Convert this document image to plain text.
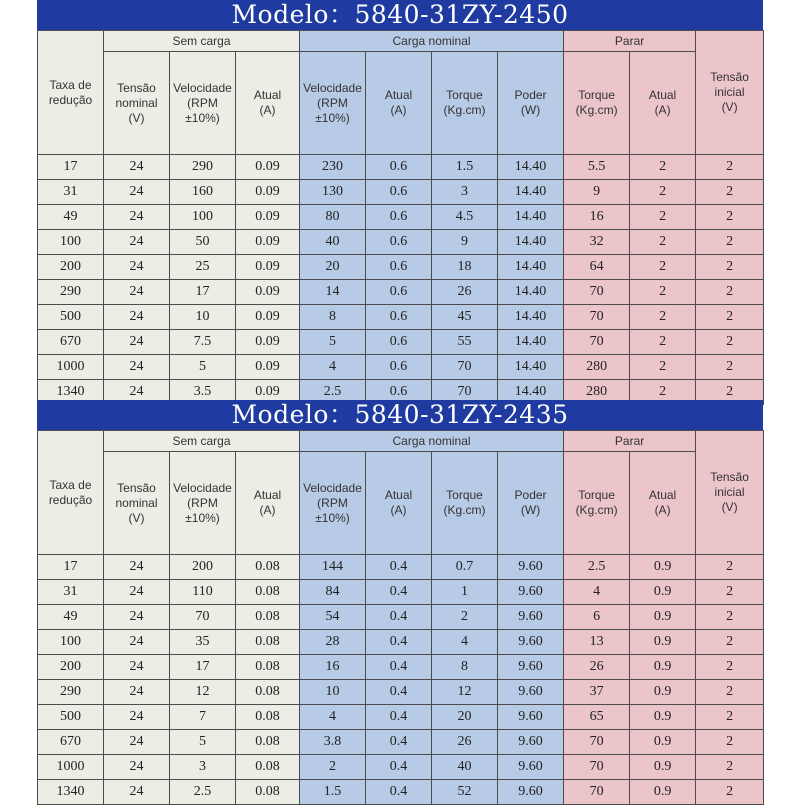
Modelo：5840-31ZY-2450
Taxa de
redução	Sem carga			Carga nominal				Parar		Tensão
inicial
(V)

	Tensão
nominal
(V)	Velocidade
(RPM
±10%)	Atual
(A)	Velocidade
(RPM
±10%)	Atual
(A)	Torque
(Kg.cm)	Poder
(W)	Torque
(Kg.cm)	Atual
(A)	

17	24	290	0.09	230	0.6	1.5	14.40	5.5	2	2
31	24	160	0.09	130	0.6	3	14.40	9	2	2
49	24	100	0.09	80	0.6	4.5	14.40	16	2	2
100	24	50	0.09	40	0.6	9	14.40	32	2	2
200	24	25	0.09	20	0.6	18	14.40	64	2	2
290	24	17	0.09	14	0.6	26	14.40	70	2	2
500	24	10	0.09	8	0.6	45	14.40	70	2	2
670	24	7.5	0.09	5	0.6	55	14.40	70	2	2
1000	24	5	0.09	4	0.6	70	14.40	280	2	2
1340	24	3.5	0.09	2.5	0.6	70	14.40	280	2	2
Modelo：5840-31ZY-2435
Taxa de
redução	Sem carga			Carga nominal				Parar		Tensão
inicial
(V)

	Tensão
nominal
(V)	Velocidade
(RPM
±10%)	Atual
(A)	Velocidade
(RPM
±10%)	Atual
(A)	Torque
(Kg.cm)	Poder
(W)	Torque
(Kg.cm)	Atual
(A)	

17	24	200	0.08	144	0.4	0.7	9.60	2.5	0.9	2
31	24	110	0.08	84	0.4	1	9.60	4	0.9	2
49	24	70	0.08	54	0.4	2	9.60	6	0.9	2
100	24	35	0.08	28	0.4	4	9.60	13	0.9	2
200	24	17	0.08	16	0.4	8	9.60	26	0.9	2
290	24	12	0.08	10	0.4	12	9.60	37	0.9	2
500	24	7	0.08	4	0.4	20	9.60	65	0.9	2
670	24	5	0.08	3.8	0.4	26	9.60	70	0.9	2
1000	24	3	0.08	2	0.4	40	9.60	70	0.9	2
1340	24	2.5	0.08	1.5	0.4	52	9.60	70	0.9	2
